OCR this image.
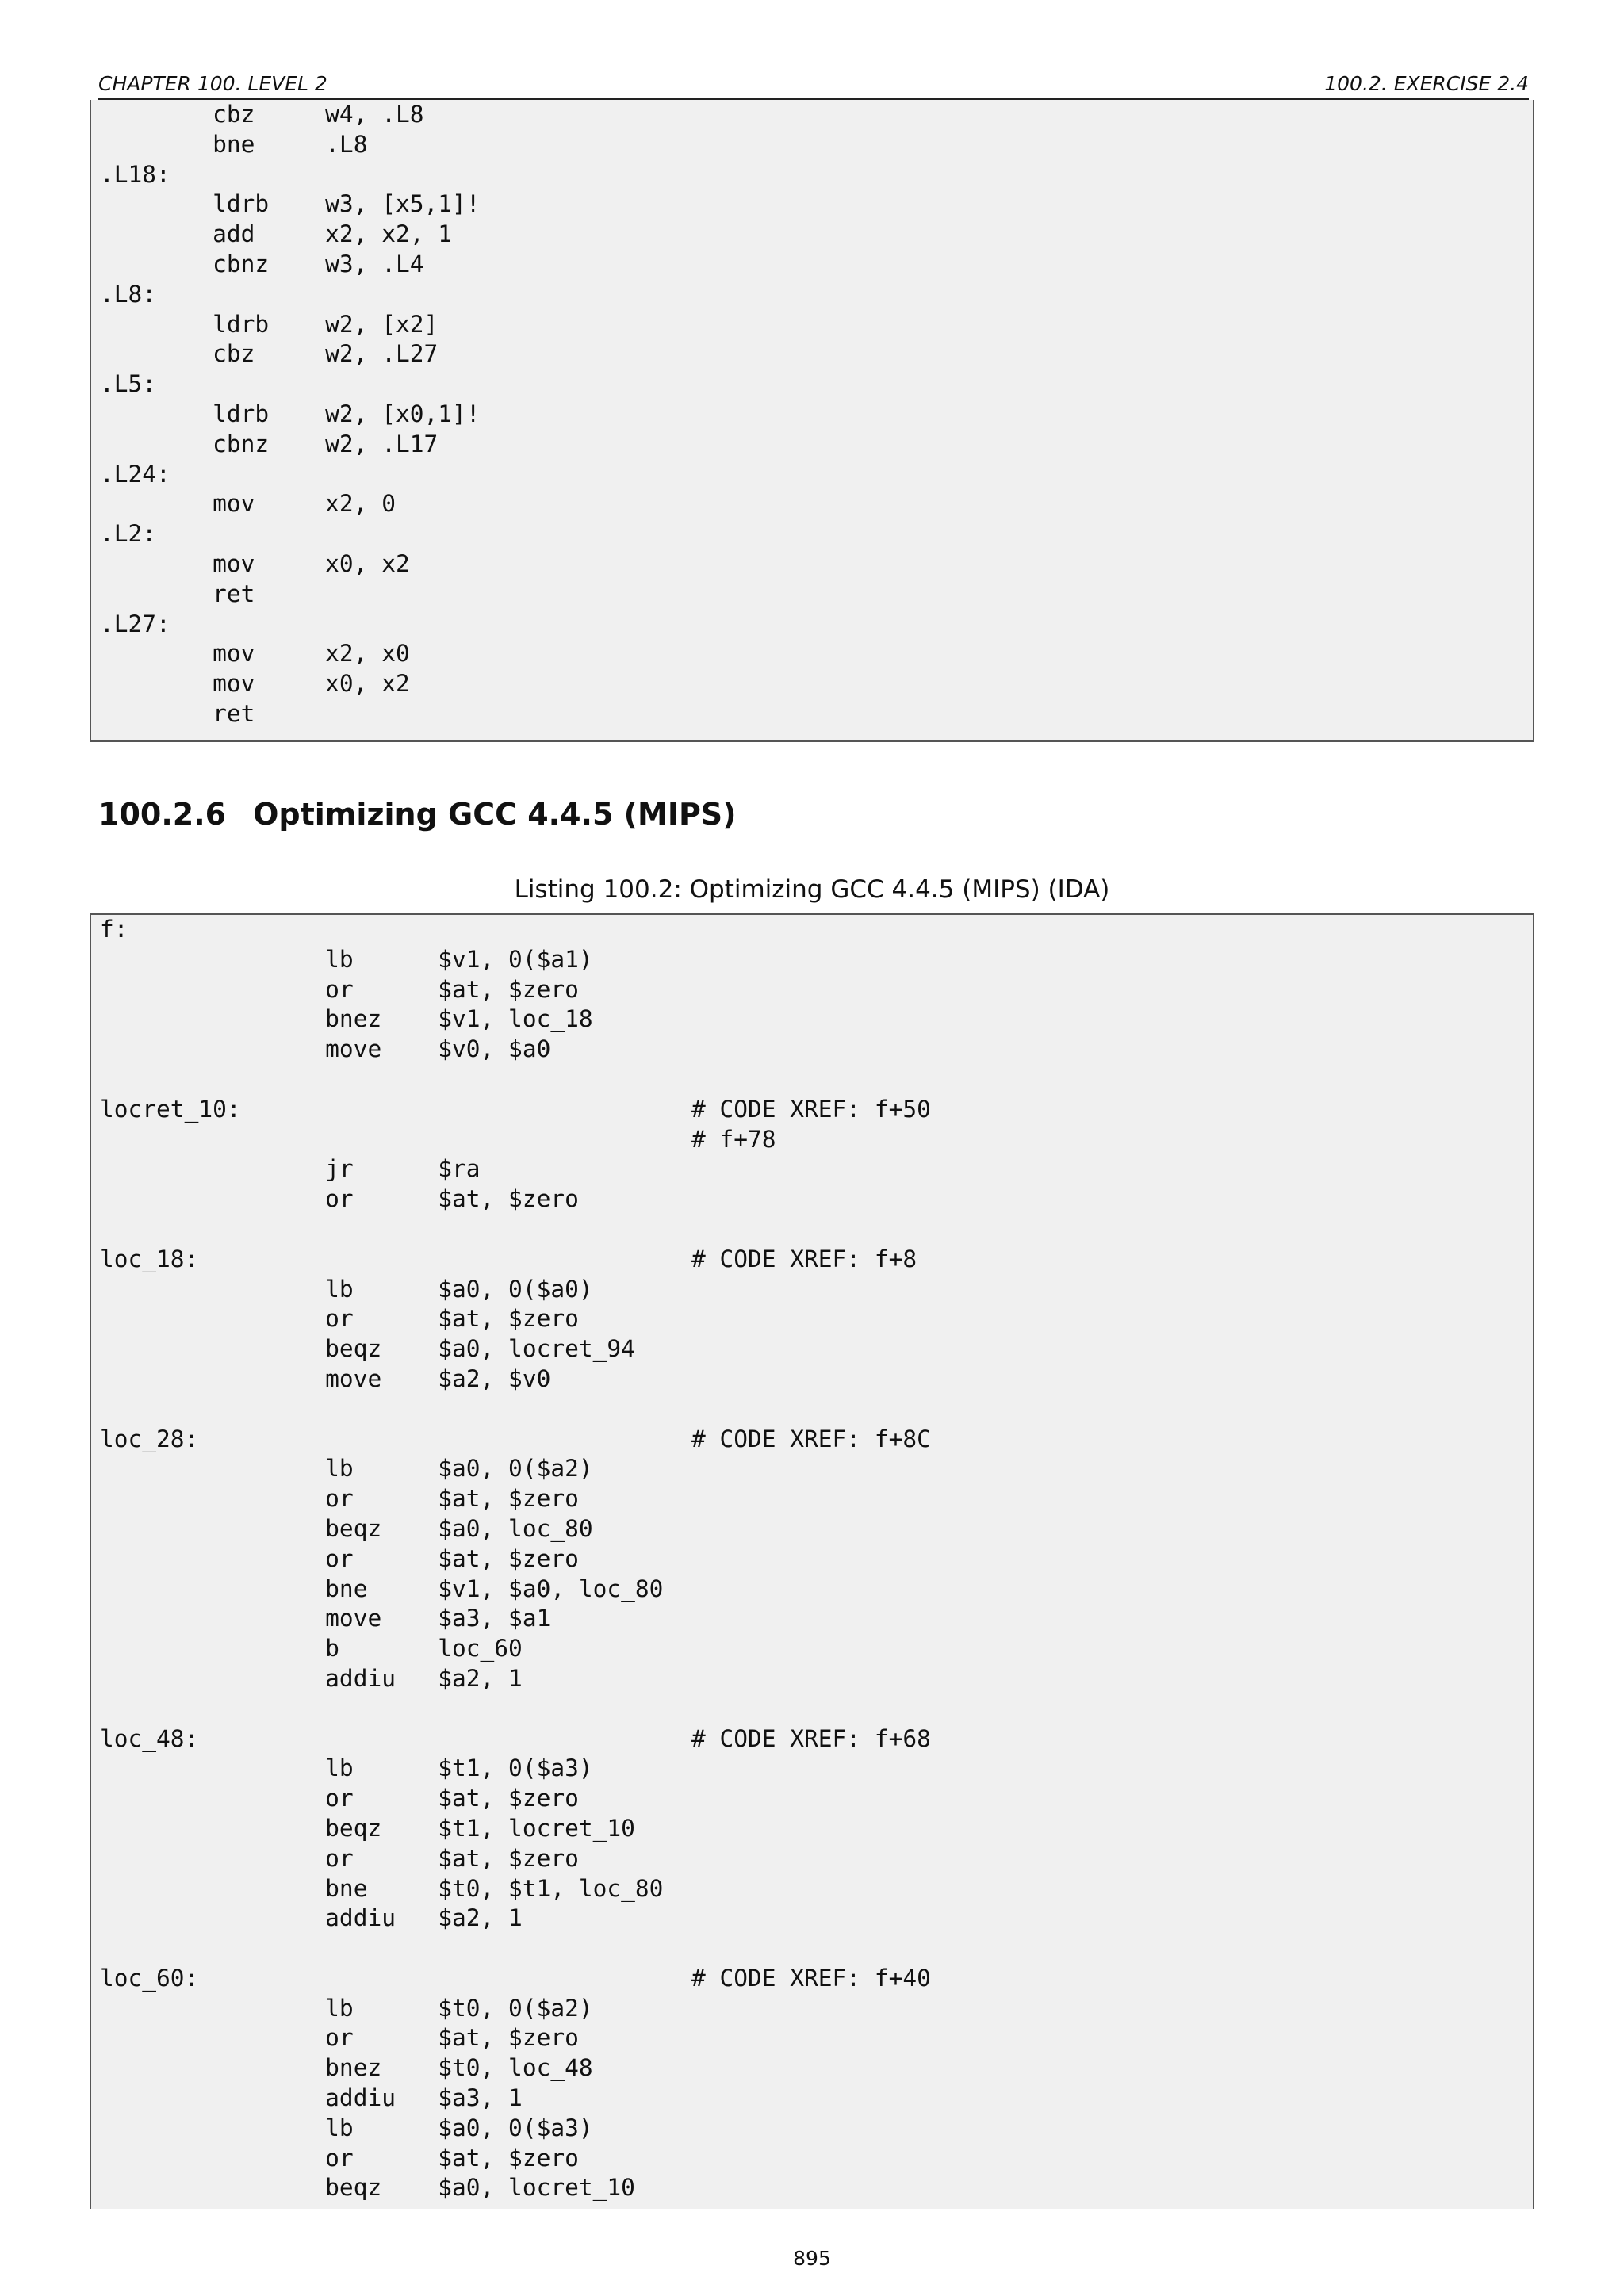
CHAPTER 100. LEVEL 2	100.2. EXERCISE 2.4
cbz     w4, .L8
bne     .L8
.L18:
ldrb    w3, [x5,1]!
add     x2, x2, 1
cbnz    w3, .L4
.L8:
ldrb    w2, [x2]
cbz     w2, .L27
.L5:
ldrb    w2, [x0,1]!
cbnz    w2, .L17
.L24:
mov     x2, 0
.L2:
mov     x0, x2
ret
.L27:
mov     x2, x0
mov     x0, x2
ret
100.2.6 Optimizing GCC 4.4.5 (MIPS)
Listing 100.2: Optimizing GCC 4.4.5 (MIPS) (IDA)
f:
lb      $v1, 0($a1)
or      $at, $zero
bnez    $v1, loc_18
move    $v0, $a0

locret_10:                                # CODE XREF: f+50
# f+78
jr      $ra
or      $at, $zero

loc_18:                                   # CODE XREF: f+8
lb      $a0, 0($a0)
or      $at, $zero
beqz    $a0, locret_94
move    $a2, $v0

loc_28:                                   # CODE XREF: f+8C
lb      $a0, 0($a2)
or      $at, $zero
beqz    $a0, loc_80
or      $at, $zero
bne     $v1, $a0, loc_80
move    $a3, $a1
b       loc_60
addiu   $a2, 1

loc_48:                                   # CODE XREF: f+68
lb      $t1, 0($a3)
or      $at, $zero
beqz    $t1, locret_10
or      $at, $zero
bne     $t0, $t1, loc_80
addiu   $a2, 1

loc_60:                                   # CODE XREF: f+40
lb      $t0, 0($a2)
or      $at, $zero
bnez    $t0, loc_48
addiu   $a3, 1
lb      $a0, 0($a3)
or      $at, $zero
beqz    $a0, locret_10
895
